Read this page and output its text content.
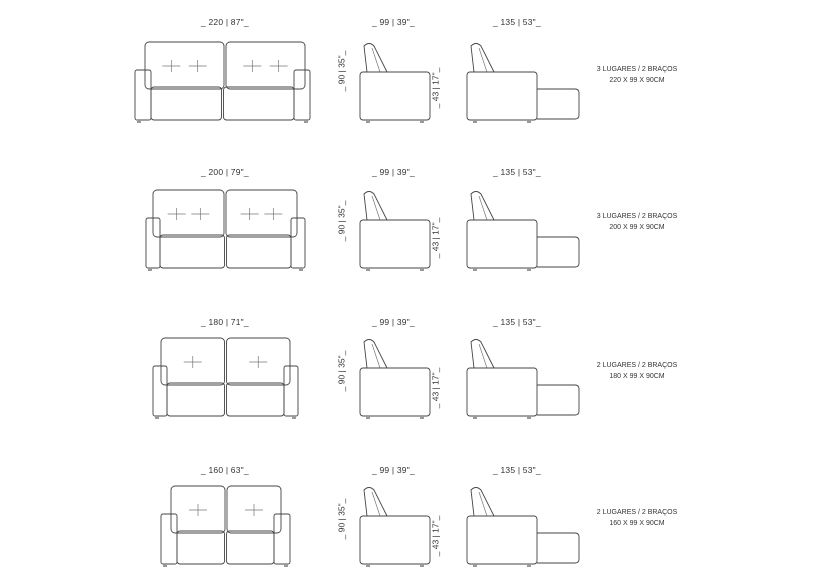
_ 220 | 87"_	_ 99 | 39"_	_ 135 | 53"_
_ 90 | 35"_	_ 43 | 17"_	3 LUGARES / 2 BRAÇOS
220 X 99 X 90CM
_ 200 | 79"_	_ 99 | 39"_	_ 135 | 53"_
_ 90 | 35"_	_ 43 | 17"_
3 LUGARES / 2 BRAÇOS
200 X 99 X 90CM
_ 180 | 71"_	_ 99 | 39"_	_ 135 | 53"_
_ 90 | 35"_	_ 43 | 17"_
2 LUGARES / 2 BRAÇOS
180 X 99 X 90CM
_ 160 | 63"_	_ 99 | 39"_	_ 135 | 53"_
_ 90 | 35"_	_ 43 | 17"_
2 LUGARES / 2 BRAÇOS
160 X 99 X 90CM
